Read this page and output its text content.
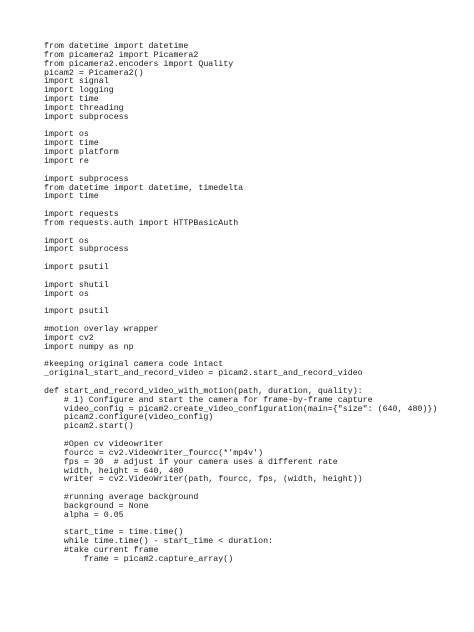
from datetime import datetime
from picamera2 import Picamera2
from picamera2.encoders import Quality
picam2 = Picamera2()
import signal
import logging
import time
import threading
import subprocess
import os
import time
import platform
import re
import subprocess
from datetime import datetime, timedelta
import time
import requests
from requests.auth import HTTPBasicAuth
import os
import subprocess
import psutil
import shutil
import os
import psutil
#motion overlay wrapper
import cv2
import numpy as np
#keeping original camera code intact
_original_start_and_record_video = picam2.start_and_record_video
def start_and_record_video_with_motion(path, duration, quality):
# 1) Configure and start the camera for frame-by-frame capture
video_config = picam2.create_video_configuration(main={"size": (640, 480)})
picam2.configure(video_config)
picam2.start()
#Open cv videowriter
fourcc = cv2.VideoWriter_fourcc(*'mp4v')
fps = 30  # adjust if your camera uses a different rate
width, height = 640, 480
writer = cv2.VideoWriter(path, fourcc, fps, (width, height))
#running average background
background = None
alpha = 0.05
start_time = time.time()
while time.time() - start_time < duration:
#take current frame
frame = picam2.capture_array()
